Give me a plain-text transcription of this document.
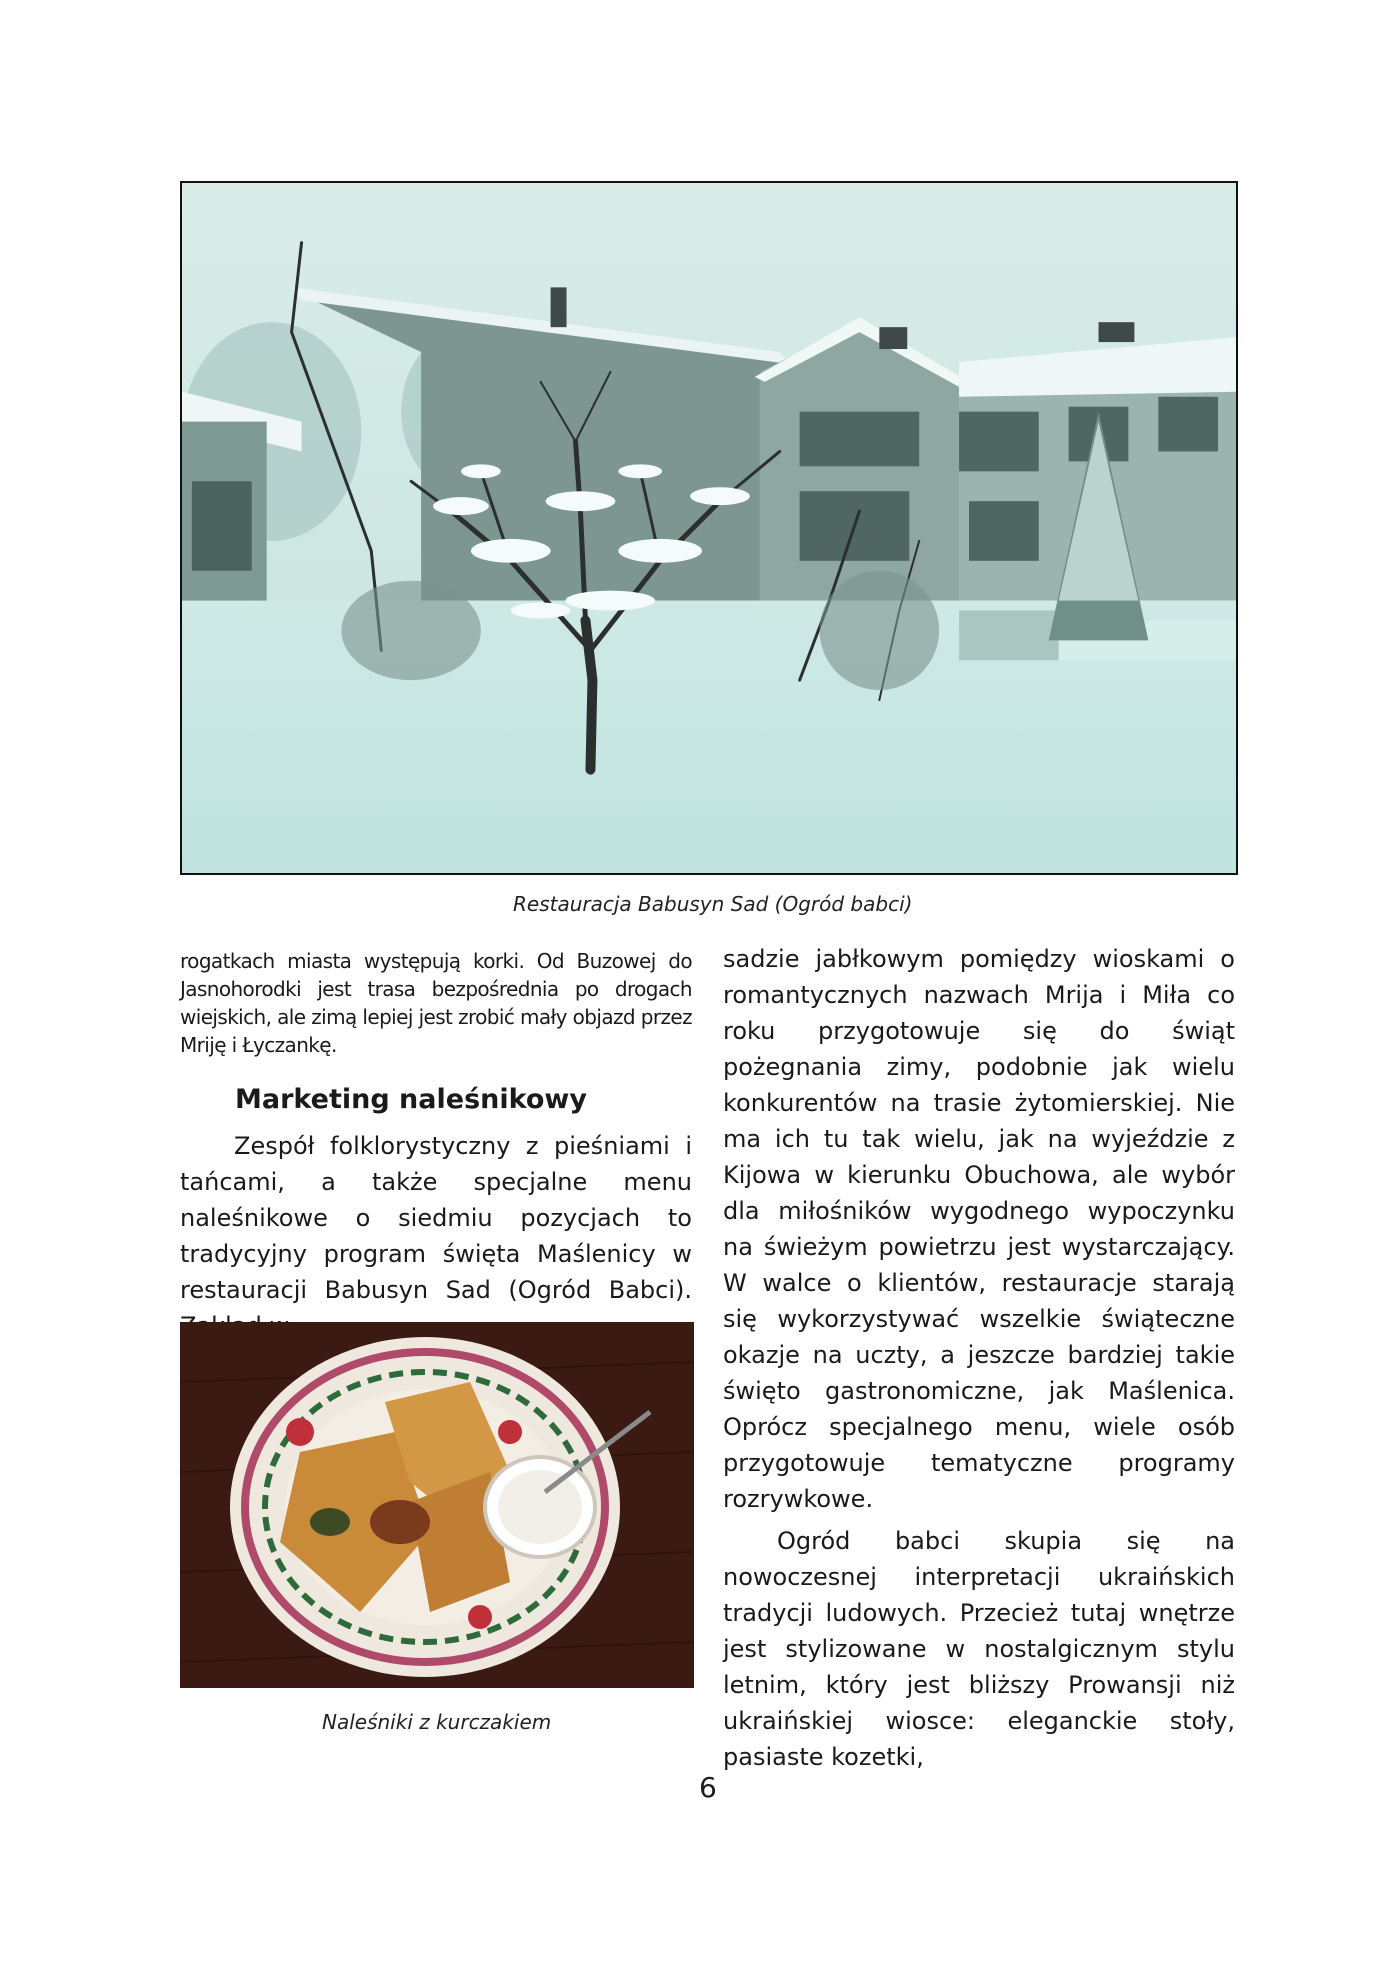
Restauracja Babusyn Sad (Ogród babci)
rogatkach miasta występują korki. Od Buzowej do Jasnohorodki jest trasa bezpośrednia po drogach wiejskich, ale zimą lepiej jest zrobić mały objazd przez Mriję i Łyczankę.
Marketing naleśnikowy
Zespół folklorystyczny z pieśniami i tańcami, a także specjalne menu naleśnikowe o siedmiu pozycjach to tradycyjny program święta Maślenicy w restauracji Babusyn Sad (Ogród Babci).
Naleśniki z kurczakiem

sadzie jabłkowym pomiędzy wioskami o romantycznych nazwach Mrija i Miła co roku przygotowuje się do świąt pożegnania zimy, podobnie jak wielu konkurentów na trasie żytomierskiej. Nie ma ich tu tak wielu, jak na wyjeździe z Kijowa w kierunku Obuchowa, ale wybór dla miłośników wygodnego wypoczynku na świeżym powietrzu jest wystarczający. W walce o klientów, restauracje starają się wykorzystywać wszelkie świąteczne okazje na uczty, a jeszcze bardziej takie święto gastronomiczne, jak Maślenica. Oprócz specjalnego menu, wiele osób przygotowuje tematyczne programy rozrywkowe.

Ogród babci skupia się na nowoczesnej interpretacji ukraińskich tradycji ludowych. Przecież tutaj wnętrze jest stylizowane w nostalgicznym stylu letnim, który jest bliższy Prowansji niż ukraińskiej wiosce: eleganckie stoły, pasiaste kozetki,

6
